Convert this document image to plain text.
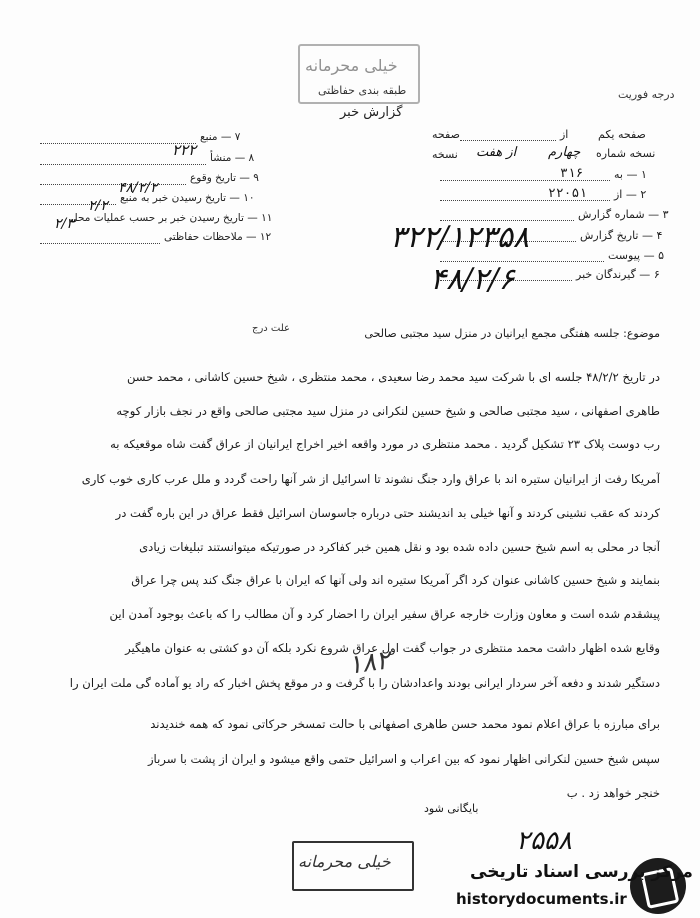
خیلی محرمانه
طبقه بندی حفاظتی
گزارش خبر
درجه فوریت
صفحه یکم
از
صفحه
نسخه شماره
چهارم
از هفت
نسخه
۱ — به
۳۱۶
۲ — از
۲۲۰۵۱
۳ — شماره گزارش
۴ — تاریخ گزارش
۵ — پیوست
۶ — گیرندگان خبر
۷ — منبع
۸ — منشأ
۲۲۲
۹ — تاریخ وقوع
۱۰ — تاریخ رسیدن خبر به منبع
۴۸/۲/۲
۱۱ — تاریخ رسیدن خبر بر حسب عملیات محل
۲/۲
۱۲ — ملاحظات حفاظتی
۲/۳	۳۲۲/۱۲۳۵۸
۴۸/۲/۶
علت درج	موضوع: جلسه هفتگی مجمع ایرانیان در منزل سید مجتبی صالحی
در تاریخ ۴۸/۲/۲ جلسه ای با شرکت سید محمد رضا سعیدی ، محمد منتظری ، شیخ حسین کاشانی ، محمد حسن
طاهری اصفهانی ، سید مجتبی صالحی و شیخ حسین لنکرانی در منزل سید مجتبی صالحی واقع در نجف بازار کوچه
رب دوست پلاک ۲۳ تشکیل گردید . محمد منتظری در مورد واقعه اخیر اخراج ایرانیان از عراق گفت شاه موقعیکه به
آمریکا رفت از ایرانیان ستیره اند با عراق وارد جنگ نشوند تا اسرائیل از شر آنها راحت گردد و ملل عرب کاری خوب کاری
کردند که عقب نشینی کردند و آنها خیلی بد اندیشند حتی درباره جاسوسان اسرائیل فقط عراق در این باره گفت در
آنجا در محلی به اسم شیخ حسین داده شده بود و نقل همین خبر کفاکرد در صورتیکه میتوانستند تبلیغات زیادی
بنمایند و شیخ حسین کاشانی عنوان کرد اگر آمریکا ستیره اند ولی آنها که ایران با عراق جنگ کند پس چرا عراق
پیشقدم شده است و معاون وزارت خارجه عراق سفیر ایران را احضار کرد و آن مطالب را که باعث بوجود آمدن این
وقایع شده اظهار داشت محمد منتظری در جواب گفت اول عراق شروع نکرد بلکه آن دو کشتی به عنوان ماهیگیر
دستگیر شدند و دفعه آخر سردار ایرانی بودند واعدادشان را با گرفت و در موقع پخش اخبار که راد یو آماده گی ملت ایران را
برای مبارزه با عراق اعلام نمود محمد حسن طاهری اصفهانی با حالت تمسخر حرکاتی نمود که همه خندیدند
سپس شیخ حسین لنکرانی اظهار نمود که بین اعراب و اسرائیل حتمی واقع میشود و ایران از پشت با سرباز
خنجر خواهد زد . ب
۱۸۲
بایگانی شود
۲۵۵۸
خیلی محرمانه
مرکز بررسی اسناد تاریخی
historydocuments.ir
